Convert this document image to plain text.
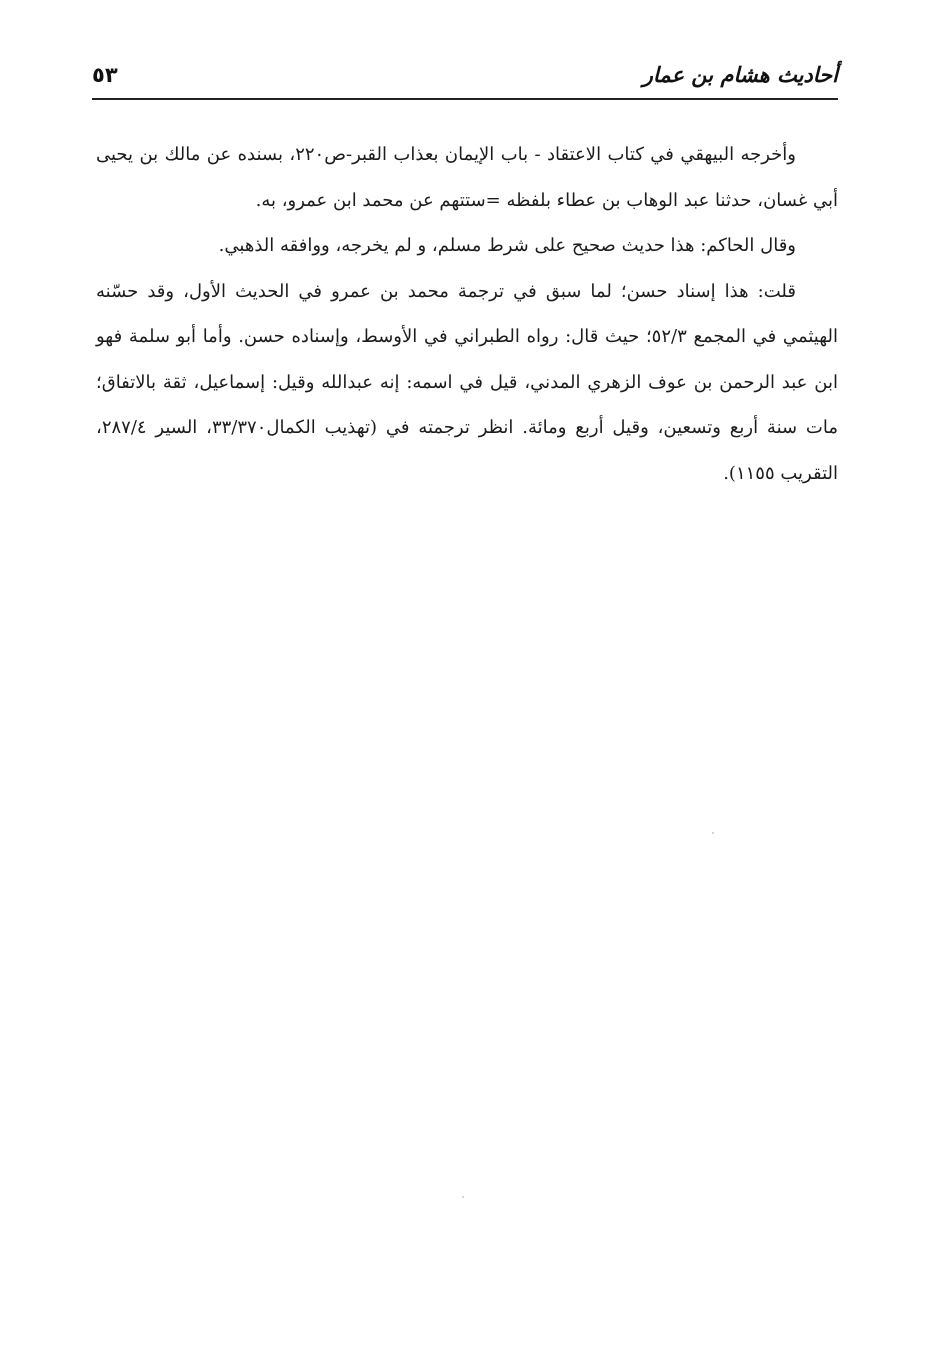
أحاديث هشام بن عمار
٥٣

وأخرجه البيهقي في كتاب الاعتقاد - باب الإيمان بعذاب القبر-ص٢٢٠، بسنده عن مالك بن يحيى أبي غسان، حدثنا عبد الوهاب بن عطاء بلفظه =ستتهم عن محمد ابن عمرو، به.

وقال الحاكم: هذا حديث صحيح على شرط مسلم، و لم يخرجه، ووافقه الذهبي.

قلت: هذا إسناد حسن؛ لما سبق في ترجمة محمد بن عمرو في الحديث الأول، وقد حسّنه الهيثمي في المجمع ٥٢/٣؛ حيث قال: رواه الطبراني في الأوسط، وإسناده حسن. وأما أبو سلمة فهو ابن عبد الرحمن بن عوف الزهري المدني، قيل في اسمه: إنه عبدالله وقيل: إسماعيل، ثقة بالاتفاق؛ مات سنة أربع وتسعين، وقيل أربع ومائة. انظر ترجمته في (تهذيب الكمال٣٣/٣٧٠، السير ٢٨٧/٤، التقريب ١١٥٥).
